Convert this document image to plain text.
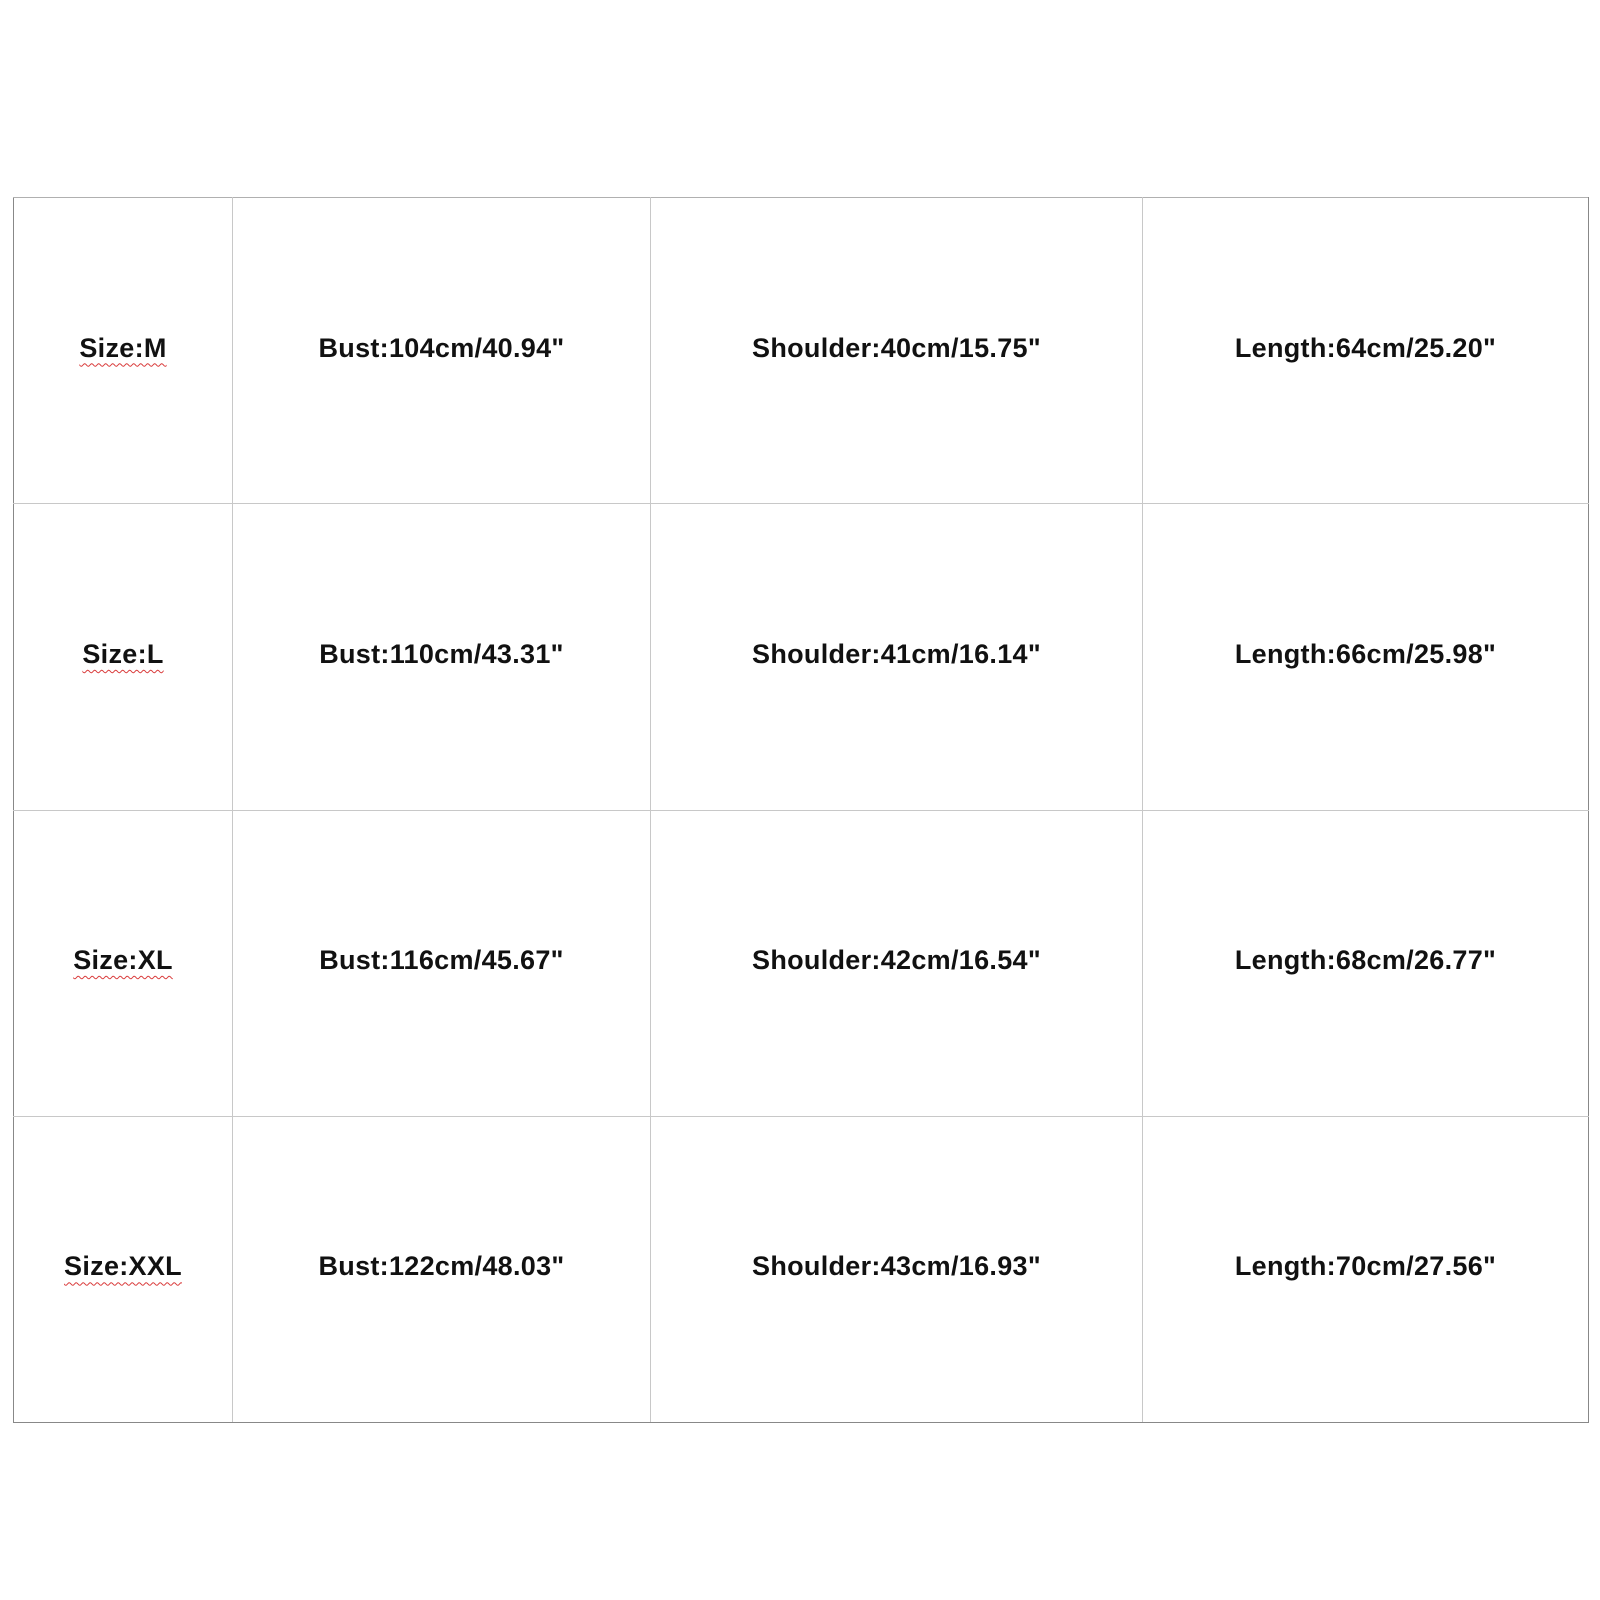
Size:M	Bust:104cm/40.94"	Shoulder:40cm/15.75"	Length:64cm/25.20"
Size:L	Bust:110cm/43.31"	Shoulder:41cm/16.14"	Length:66cm/25.98"
Size:XL	Bust:116cm/45.67"	Shoulder:42cm/16.54"	Length:68cm/26.77"
Size:XXL	Bust:122cm/48.03"	Shoulder:43cm/16.93"	Length:70cm/27.56"
